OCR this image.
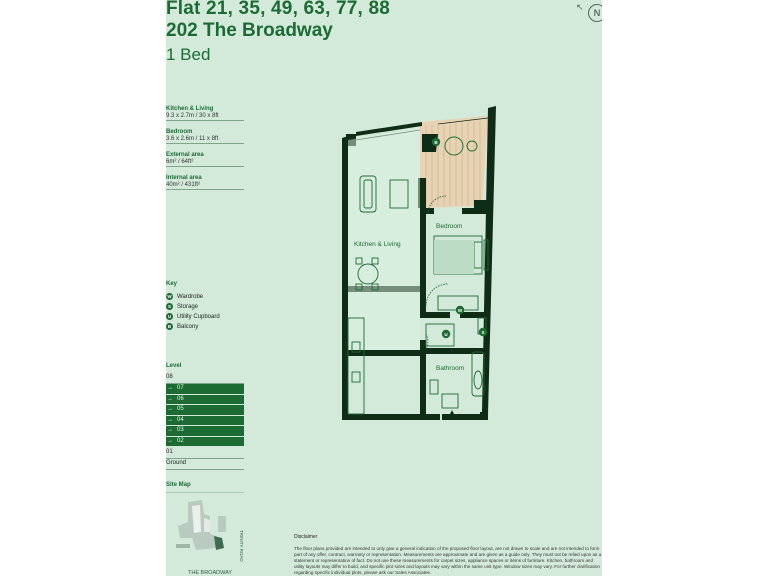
Flat 21, 35, 49, 63, 77, 88
202 The Broadway
1 Bed
↖
N
Kitchen & Living
9.3 x 2.7m / 30 x 8ft
Bedroom
3.6 x 2.6m / 11 x 8ft
External area
6m² / 64ft²
Internal area
40m² / 431ft²
Key
W Wardrobe
S Storage
U Utility Cupboard
B Balcony
Level
08
→ 07
→ 06
→ 05
→ 04
→ 03
→ 02
01
Ground
Site Map
TRINITY ROAD
THE BROADWAY
B
W
U	S
Kitchen & Living
Bedroom
Bathroom
Disclaimer
The floor plans provided are intended to only give a general indication of the proposed floor layout, are not drawn to scale and are not intended to form part of any offer, contract, warranty or representation. Measurements are approximate and are given as a guide only. They must not be relied upon as a statement or representation of fact. Do not use these measurements for carpet sizes, appliance spaces or items of furniture. Kitchen, bathroom and utility layouts may differ to build, and specific plot sizes and layouts may vary within the same unit type. Window sizes may vary. For further clarification regarding specific individual plots, please ask our Sales Associates.
